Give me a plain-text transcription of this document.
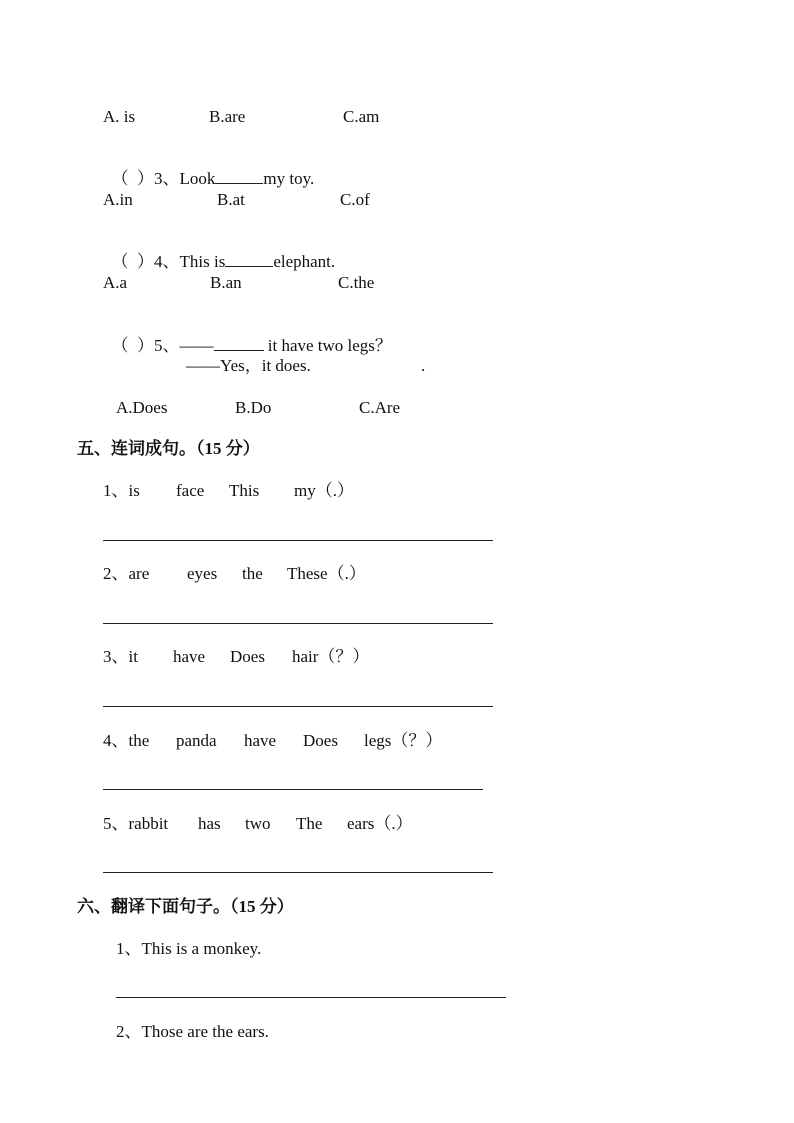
A. is	B.are	C.am

（  ）3、Look	my toy.

A.in	B.at	C.of

（  ）4、This is	elephant.

A.a	B.an	C.the

（  ）5、——	it have two legs？

——Yes，it does.	.
A.Does	B.Do	C.Are
五、连词成句。（15 分）
1、is face This my（.）
2、are eyes the These（.）
3、it have Does hair（？）
4、the panda have Does legs（？）
5、rabbit has two The ears（.）
六、翻译下面句子。（15 分）
1、This is a monkey.
2、Those are the ears.
